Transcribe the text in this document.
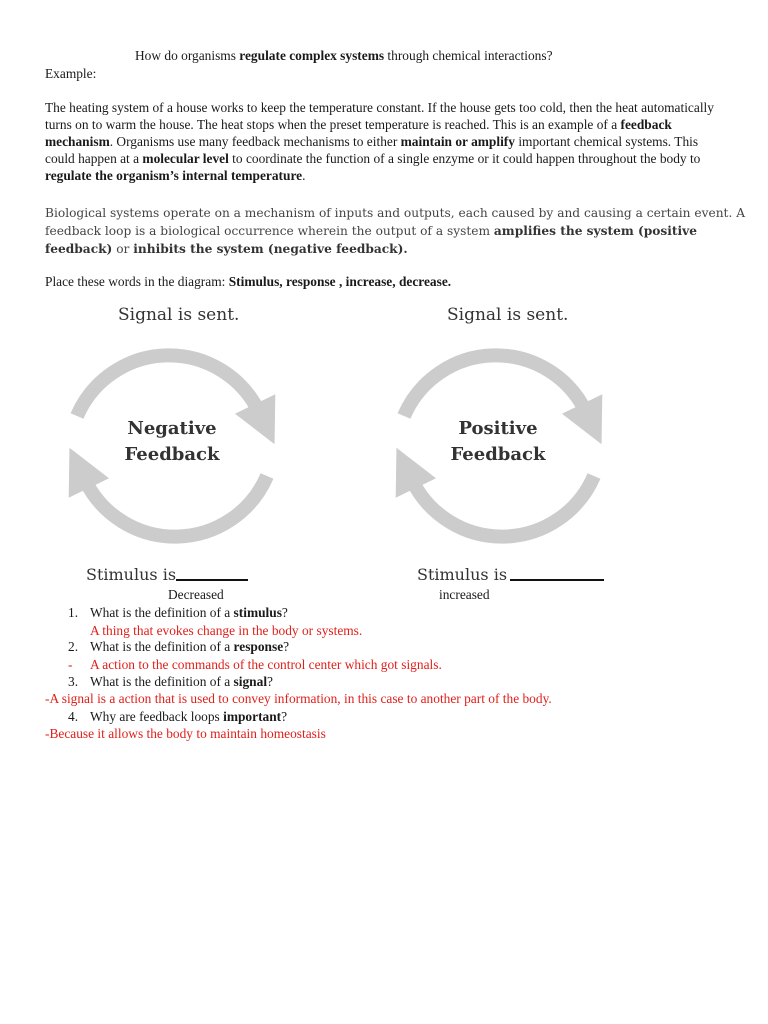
How do organisms regulate complex systems through chemical interactions?
Example:
The heating system of a house works to keep the temperature constant. If the house gets too cold, then the heat automatically turns on to warm the house. The heat stops when the preset temperature is reached. This is an example of a feedback mechanism. Organisms use many feedback mechanisms to either maintain or amplify important chemical systems. This could happen at a molecular level to coordinate the function of a single enzyme or it could happen throughout the body to regulate the organism’s internal temperature.
Biological systems operate on a mechanism of inputs and outputs, each caused by and causing a certain event. A feedback loop is a biological occurrence wherein the output of a system amplifies the system (positive feedback) or inhibits the system (negative feedback).
Place these words in the diagram: Stimulus, response , increase, decrease.
Signal is sent.
Negative
Feedback
Stimulus is
Decreased
Signal is sent.
Positive
Feedback
Stimulus is
increased
1. What is the definition of a stimulus?
A thing that evokes change in the body or systems.
2. What is the definition of a response?
- A action to the commands of the control center which got signals.
3. What is the definition of a signal?
-A signal is a action that is used to convey information, in this case to another part of the body.
4. Why are feedback loops important?
-Because it allows the body to maintain homeostasis
